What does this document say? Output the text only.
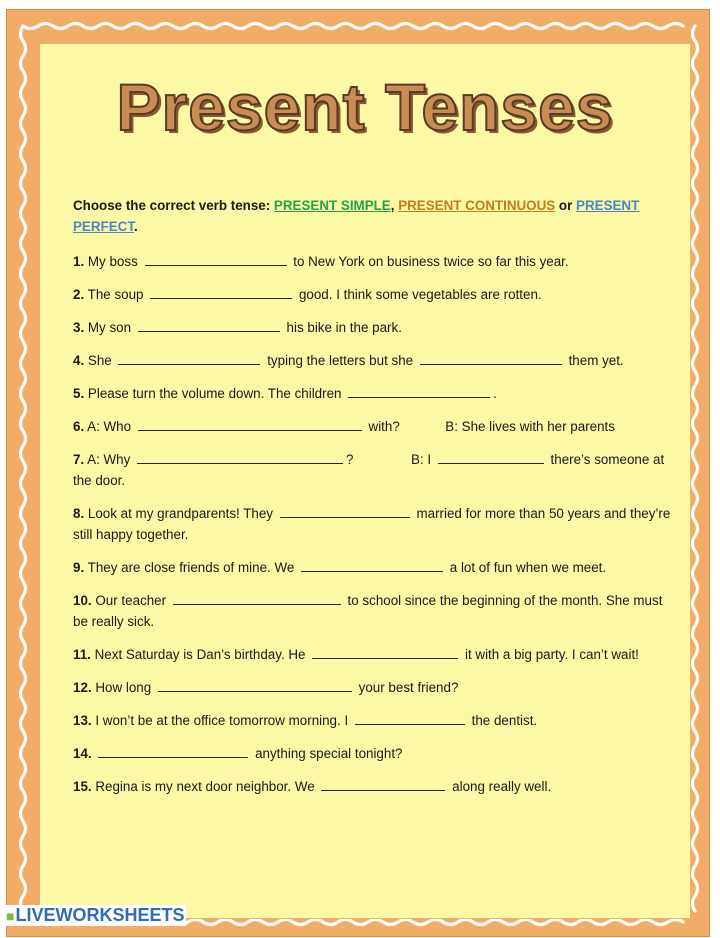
Present Tenses
Choose the correct verb tense: PRESENT SIMPLE, PRESENT CONTINUOUS or PRESENT
PERFECT.
1. My boss	to New York on business twice so far this year.
2. The soup	good. I think some vegetables are rotten.
3. My son	his bike in the park.
4. She	typing the letters but she	them yet.
5. Please turn the volume down. The children	.
6. A: Who	with?	B: She lives with her parents
7. A: Why	?	B: I	there’s someone at the door.
8. Look at my grandparents! They	married for more than 50 years and they’re still happy together.
9. They are close friends of mine. We	a lot of fun when we meet.
10. Our teacher	to school since the beginning of the month. She must be really sick.
11. Next Saturday is Dan’s birthday. He	it with a big party. I can’t wait!
12. How long	your best friend?
13. I won’t be at the office tomorrow morning. I	the dentist.
14.	anything special tonight?
15. Regina is my next door neighbor. We	along really well.
■LIVEWORKSHEETS
